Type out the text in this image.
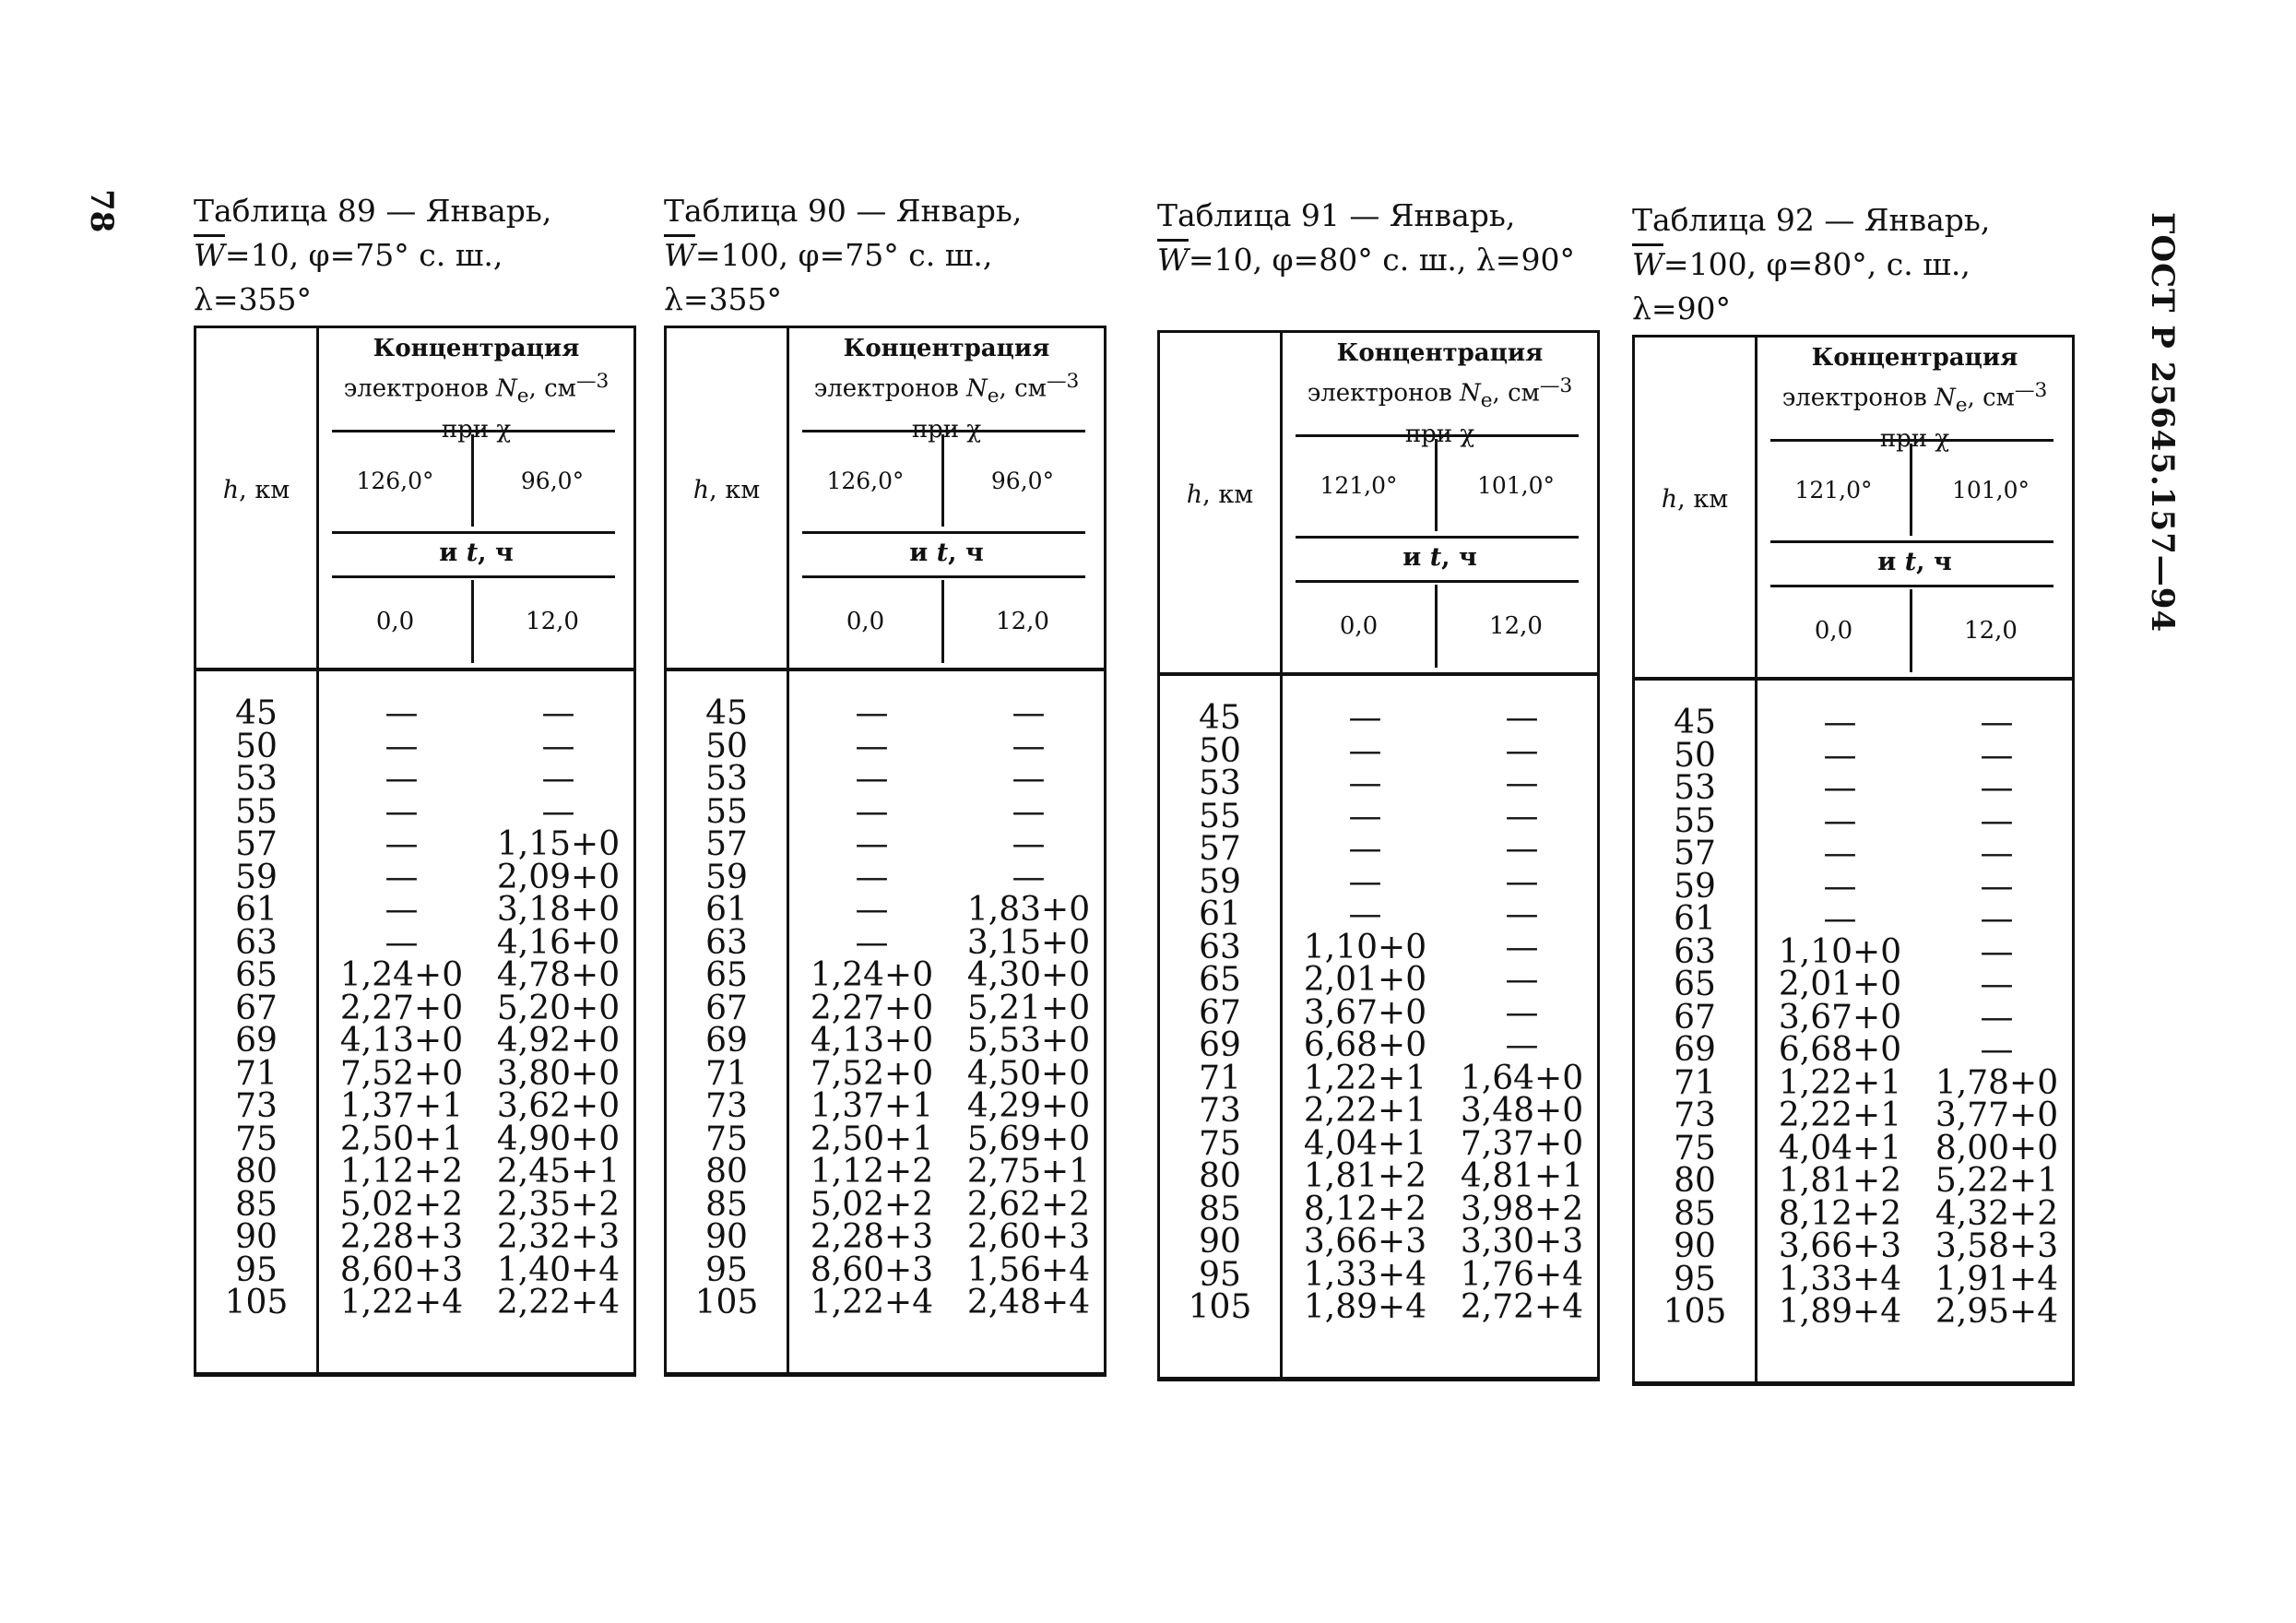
78
ГОСТ Р 25645.157—94
Таблица 89 — Январь,
$\overline{W}=10$, φ=75° с. ш.,
λ=355°
h, км
Концентрация
электронов $N_e$, $см^{—3}$
при χ
126,0°	96,0°
и t, ч
0,0	12,0
45	—	—
50	—	—
53	—	—
55	—	—
57	—	1,15+0
59	—	2,09+0
61	—	3,18+0
63	—	4,16+0
65	1,24+0	4,78+0
67	2,27+0	5,20+0
69	4,13+0	4,92+0
71	7,52+0	3,80+0
73	1,37+1	3,62+0
75	2,50+1	4,90+0
80	1,12+2	2,45+1
85	5,02+2	2,35+2
90	2,28+3	2,32+3
95	8,60+3	1,40+4
105	1,22+4	2,22+4
Таблица 90 — Январь,
$\overline{W}=100$, φ=75° с. ш.,
λ=355°
h, км
Концентрация
электронов $N_e$, $см^{—3}$
при χ
126,0°	96,0°
и t, ч
0,0	12,0
45	—	—
50	—	—
53	—	—
55	—	—
57	—	—
59	—	—
61	—	1,83+0
63	—	3,15+0
65	1,24+0	4,30+0
67	2,27+0	5,21+0
69	4,13+0	5,53+0
71	7,52+0	4,50+0
73	1,37+1	4,29+0
75	2,50+1	5,69+0
80	1,12+2	2,75+1
85	5,02+2	2,62+2
90	2,28+3	2,60+3
95	8,60+3	1,56+4
105	1,22+4	2,48+4
Таблица 91 — Январь,
$\overline{W}=10$, φ=80° с. ш., λ=90°
h, км
Концентрация
электронов $N_e$, $см^{—3}$
при χ
121,0°	101,0°
и t, ч
0,0	12,0
45	—	—
50	—	—
53	—	—
55	—	—
57	—	—
59	—	—
61	—	—
63	1,10+0	—
65	2,01+0	—
67	3,67+0	—
69	6,68+0	—
71	1,22+1	1,64+0
73	2,22+1	3,48+0
75	4,04+1	7,37+0
80	1,81+2	4,81+1
85	8,12+2	3,98+2
90	3,66+3	3,30+3
95	1,33+4	1,76+4
105	1,89+4	2,72+4
Таблица 92 — Январь,
$\overline{W}=100$, φ=80°, с. ш.,
λ=90°
h, км
Концентрация
электронов $N_e$, $см^{—3}$
при χ
121,0°	101,0°
и t, ч
0,0	12,0
45	—	—
50	—	—
53	—	—
55	—	—
57	—	—
59	—	—
61	—	—
63	1,10+0	—
65	2,01+0	—
67	3,67+0	—
69	6,68+0	—
71	1,22+1	1,78+0
73	2,22+1	3,77+0
75	4,04+1	8,00+0
80	1,81+2	5,22+1
85	8,12+2	4,32+2
90	3,66+3	3,58+3
95	1,33+4	1,91+4
105	1,89+4	2,95+4
